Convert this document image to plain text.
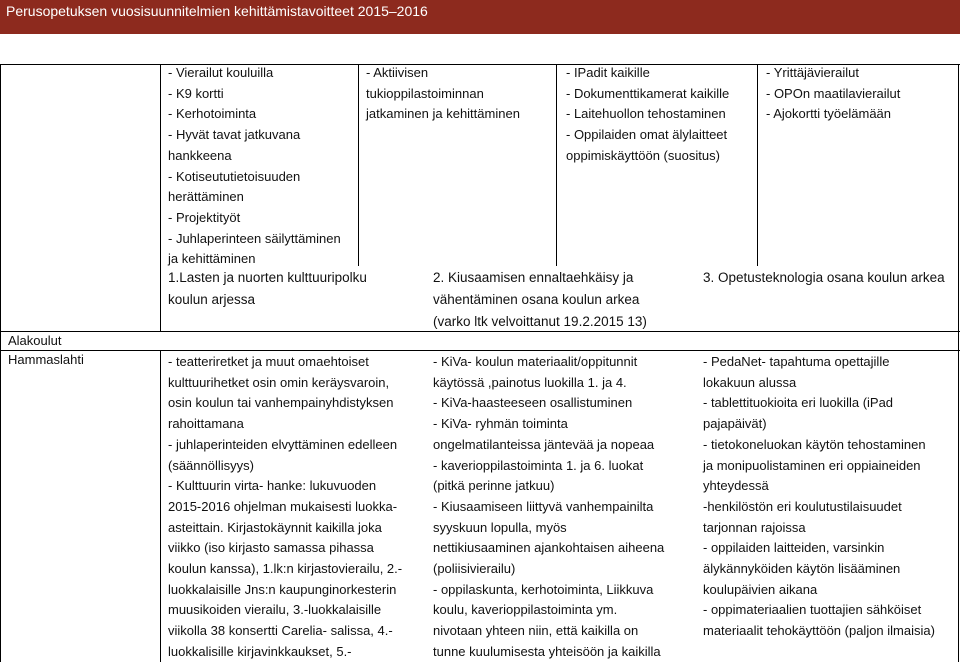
Perusopetuksen vuosisuunnitelmien kehittämistavoitteet 2015–2016

- Vierailut kouluilla
- K9 kortti
- Kerhotoiminta
- Hyvät tavat jatkuvana
hankkeena
- Kotiseututietoisuuden
herättäminen
- Projektityöt
- Juhlaperinteen säilyttäminen
ja kehittäminen

- Aktiivisen
tukioppilastoiminnan
jatkaminen ja kehittäminen

- IPadit kaikille
- Dokumenttikamerat kaikille
- Laitehuollon tehostaminen
- Oppilaiden omat älylaitteet
oppimiskäyttöön (suositus)

- Yrittäjävierailut
- OPOn maatilavierailut
- Ajokortti työelämään

1.Lasten ja nuorten kulttuuripolku
koulun arjessa

2. Kiusaamisen ennaltaehkäisy ja
vähentäminen osana koulun arkea
(varko ltk velvoittanut 19.2.2015 13)

3. Opetusteknologia osana koulun arkea

Alakoulut

Hammaslahti	- teatteriretket ja muut omaehtoiset
kulttuurihetket osin omin keräysvaroin,
osin koulun tai vanhempainyhdistyksen
rahoittamana
- juhlaperinteiden elvyttäminen edelleen
(säännöllisyys)
- Kulttuurin virta- hanke: lukuvuoden
2015-2016 ohjelman mukaisesti luokka-
asteittain. Kirjastokäynnit kaikilla joka
viikko (iso kirjasto samassa pihassa
koulun kanssa), 1.lk:n kirjastovierailu, 2.-
luokkalaisille Jns:n kaupunginorkesterin
muusikoiden vierailu, 3.-luokkalaisille
viikolla 38 konsertti Carelia- salissa, 4.-
luokkalisille kirjavinkkaukset, 5.-

- KiVa- koulun materiaalit/oppitunnit
käytössä ,painotus luokilla 1. ja 4.
- KiVa-haasteeseen osallistuminen
- KiVa- ryhmän toiminta
ongelmatilanteissa jäntevää ja nopeaa
- kaverioppilastoiminta 1. ja 6. luokat
(pitkä perinne jatkuu)
- Kiusaamiseen liittyvä vanhempainilta
syyskuun lopulla, myös
nettikiusaaminen ajankohtaisen aiheena
(poliisivierailu)
- oppilaskunta, kerhotoiminta, Liikkuva
koulu, kaverioppilastoiminta ym.
nivotaan yhteen niin, että kaikilla on
tunne kuulumisesta yhteisöön ja kaikilla

- PedaNet- tapahtuma opettajille
lokakuun alussa
- tablettituokioita eri luokilla (iPad
pajapäivät)
- tietokoneluokan käytön tehostaminen
ja monipuolistaminen eri oppiaineiden
yhteydessä
-henkilöstön eri koulutustilaisuudet
tarjonnan rajoissa
- oppilaiden laitteiden, varsinkin
älykännyköiden käytön lisääminen
koulupäivien aikana
- oppimateriaalien tuottajien sähköiset
materiaalit tehokäyttöön (paljon ilmaisia)
